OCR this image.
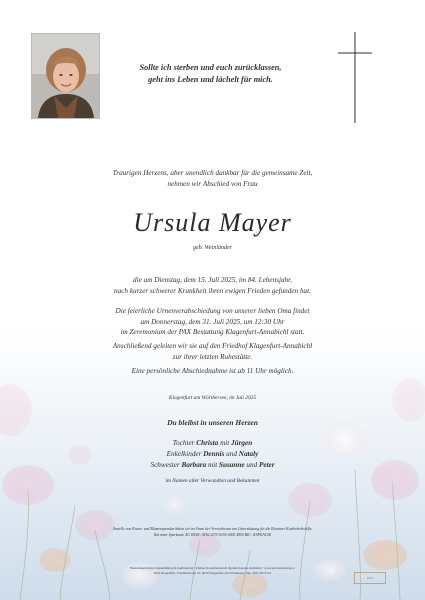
Sollte ich sterben und euch zurücklassen,
geht ins Leben und lächelt für mich.
Traurigen Herzens, aber unendlich dankbar für die gemeinsame Zeit,
nehmen wir Abschied von Frau
Ursula Mayer
geb. Weinländer
die am Dienstag, dem 15. Juli 2025, im 84. Lebensjahr,
nach kurzer schwerer Krankheit ihren ewigen Frieden gefunden hat.
Die feierliche Urnenverabschiedung von unserer lieben Oma findet
am Donnerstag, dem 31. Juli 2025, um 12:30 Uhr
im Zeremonium der PAX Bestattung Klagenfurt-Annabichl statt.
Anschließend geleiten wir sie auf den Friedhof Klagenfurt-Annabichl
zur ihrer letzten Ruhestätte.
Eine persönliche Abschiednahme ist ab 11 Uhr möglich.
Klagenfurt am Wörthersee, im Juli 2025
Du bleibst in unseren Herzen
Tochter Christa mit Jürgen
Enkelkinder Dennis und Nataly
Schwester Barbara mit Susanne und Peter
im Namen aller Verwandten und Bekannten
Anstelle von Kranz- und Blumenspenden bitten wir im Sinne der Verstorbenen um Unterstützung für die Kärntner Kinderkrebshilfe,
Kärntner Sparkasse AG IBAN: AT62 2070 6050 0000 4809 BIC: KSPKAT2K
Bestattungsinstitut Ansammlung & Aufbahrung • Online Kondolenzen & digitale Kerzen anzünden • www.pax-bestattung.at
PAX Klagenfurt, Friedhofstraße 10, 9020 Klagenfurt am Wörthersee, Tel.: 050 190-5741
PAX
